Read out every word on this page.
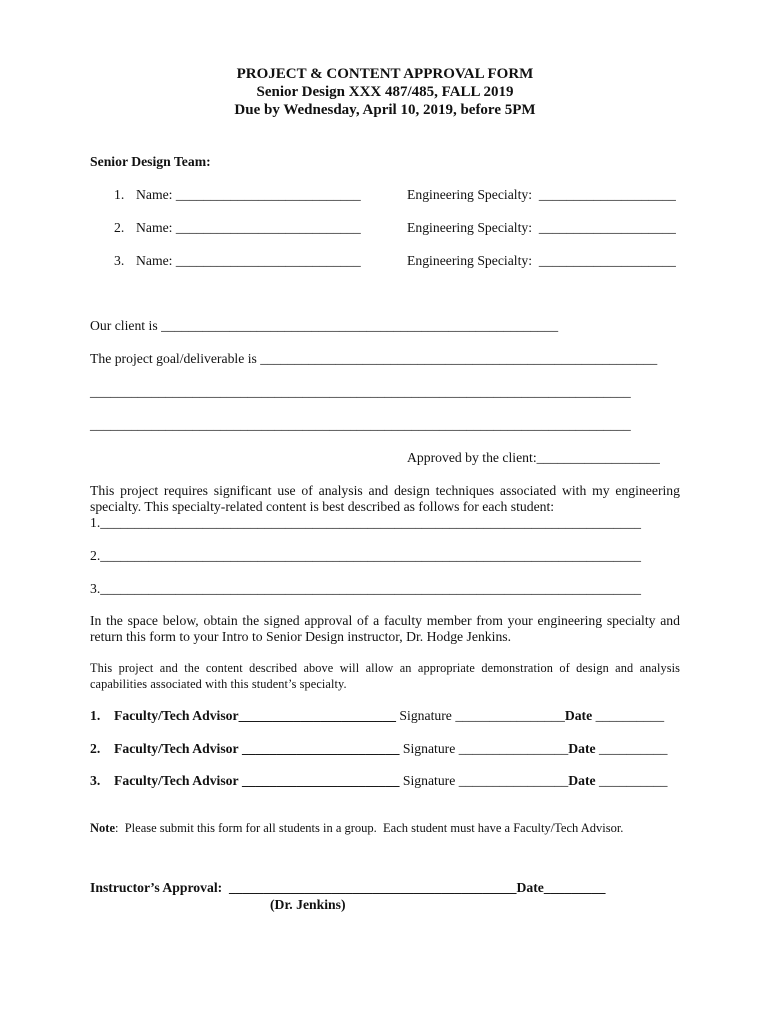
PROJECT & CONTENT APPROVAL FORM
Senior Design XXX 487/485, FALL 2019
Due by Wednesday, April 10, 2019, before 5PM
Senior Design Team:
1. Name: ___________________________	Engineering Specialty: ____________________
2. Name: ___________________________	Engineering Specialty: ____________________
3. Name: ___________________________	Engineering Specialty: ____________________
Our client is __________________________________________________________
The project goal/deliverable is __________________________________________________________
_______________________________________________________________________________
_______________________________________________________________________________
Approved by the client:__________________
This project requires significant use of analysis and design techniques associated with my engineering specialty. This specialty-related content is best described as follows for each student:
1._______________________________________________________________________________
2._______________________________________________________________________________
3._______________________________________________________________________________
In the space below, obtain the signed approval of a faculty member from your engineering specialty and return this form to your Intro to Senior Design instructor, Dr. Hodge Jenkins.
This project and the content described above will allow an appropriate demonstration of design and analysis capabilities associated with this student’s specialty.
1. Faculty/Tech Advisor_______________________ Signature ________________Date __________
2. Faculty/Tech Advisor _______________________ Signature ________________Date __________
3. Faculty/Tech Advisor _______________________ Signature ________________Date __________
Note:  Please submit this form for all students in a group.  Each student must have a Faculty/Tech Advisor.
Instructor’s Approval: __________________________________________Date_________
(Dr. Jenkins)
